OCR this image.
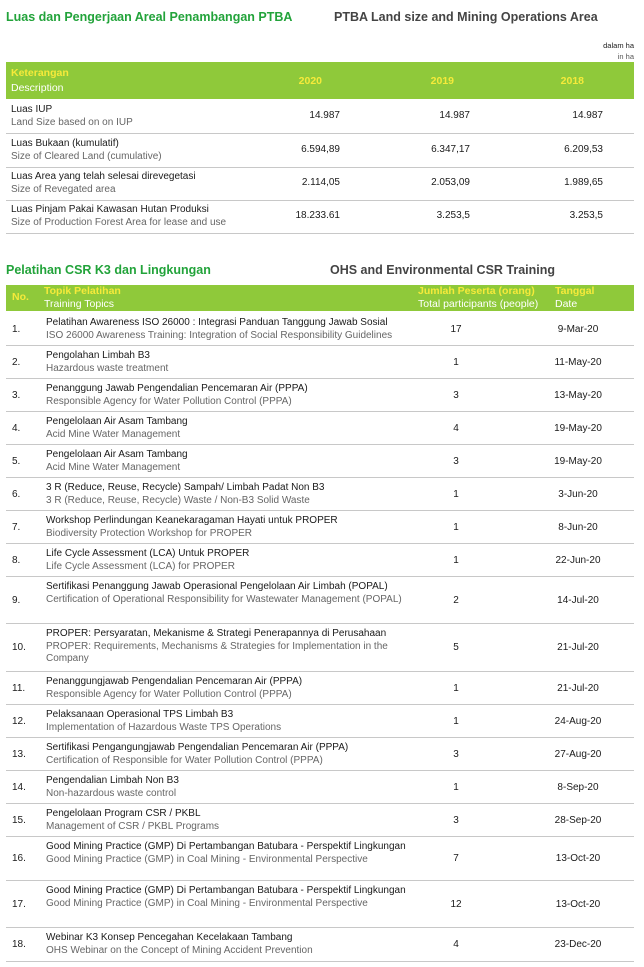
Luas dan Pengerjaan Areal Penambangan PTBA	PTBA Land size and Mining Operations Area
dalam ha
in ha
Keterangan
Description
2020	2019	2018
Luas IUP
Land Size based on on IUP
14.987	14.987	14.987
Luas Bukaan (kumulatif)
Size of Cleared Land (cumulative)
6.594,89	6.347,17	6.209,53
Luas Area yang telah selesai direvegetasi
Size of Revegated area
2.114,05	2.053,09	1.989,65
Luas Pinjam Pakai Kawasan Hutan Produksi
Size of Production Forest Area for lease and use
18.233.61	3.253,5	3.253,5
Pelatihan CSR K3 dan Lingkungan	OHS and Environmental CSR Training
No. Topik Pelatihan
Training Topics
Jumlah Peserta (orang)
Total participants (people)
Tanggal
Date
1.
Pelatihan Awareness ISO 26000 : Integrasi Panduan Tanggung Jawab Sosial
ISO 26000 Awareness Training: Integration of Social Responsibility Guidelines	17	9-Mar-20
2.
Pengolahan Limbah B3
Hazardous waste treatment	1	11-May-20
3.
Penanggung Jawab Pengendalian Pencemaran Air (PPPA)
Responsible Agency for Water Pollution Control (PPPA)	3	13-May-20
4.
Pengelolaan Air Asam Tambang
Acid Mine Water Management	4	19-May-20
5.
Pengelolaan Air Asam Tambang
Acid Mine Water Management	3	19-May-20
6.
3 R (Reduce, Reuse, Recycle) Sampah/ Limbah Padat Non B3
3 R (Reduce, Reuse, Recycle) Waste / Non-B3 Solid Waste	1	3-Jun-20
7.
Workshop Perlindungan Keanekaragaman Hayati untuk PROPER
Biodiversity Protection Workshop for PROPER	1	8-Jun-20
8.
Life Cycle Assessment (LCA) Untuk PROPER
Life Cycle Assessment (LCA) for PROPER	1	22-Jun-20
9.
Sertifikasi Penanggung Jawab Operasional Pengelolaan Air Limbah (POPAL)
Certification of Operational Responsibility for Wastewater Management (POPAL)	2	14-Jul-20
10.
PROPER: Persyaratan, Mekanisme & Strategi Penerapannya di Perusahaan
PROPER: Requirements, Mechanisms & Strategies for Implementation in the Company
5	21-Jul-20
11.
Penanggungjawab Pengendalian Pencemaran Air (PPPA)
Responsible Agency for Water Pollution Control (PPPA)	1	21-Jul-20
12.
Pelaksanaan Operasional TPS Limbah B3
Implementation of Hazardous Waste TPS Operations	1	24-Aug-20
13.
Sertifikasi Pengangungjawab Pengendalian Pencemaran Air (PPPA)
Certification of Responsible for Water Pollution Control (PPPA)	3	27-Aug-20
14.
Pengendalian Limbah Non B3
Non-hazardous waste control	1	8-Sep-20
15.
Pengelolaan Program CSR / PKBL
Management of CSR / PKBL Programs	3	28-Sep-20
16.
Good Mining Practice (GMP) Di Pertambangan Batubara - Perspektif Lingkungan
Good Mining Practice (GMP) in Coal Mining - Environmental Perspective	7	13-Oct-20
17.
Good Mining Practice (GMP) Di Pertambangan Batubara - Perspektif Lingkungan
Good Mining Practice (GMP) in Coal Mining - Environmental Perspective	12	13-Oct-20
18.
Webinar K3 Konsep Pencegahan Kecelakaan Tambang
OHS Webinar on the Concept of Mining Accident Prevention	4	23-Dec-20
